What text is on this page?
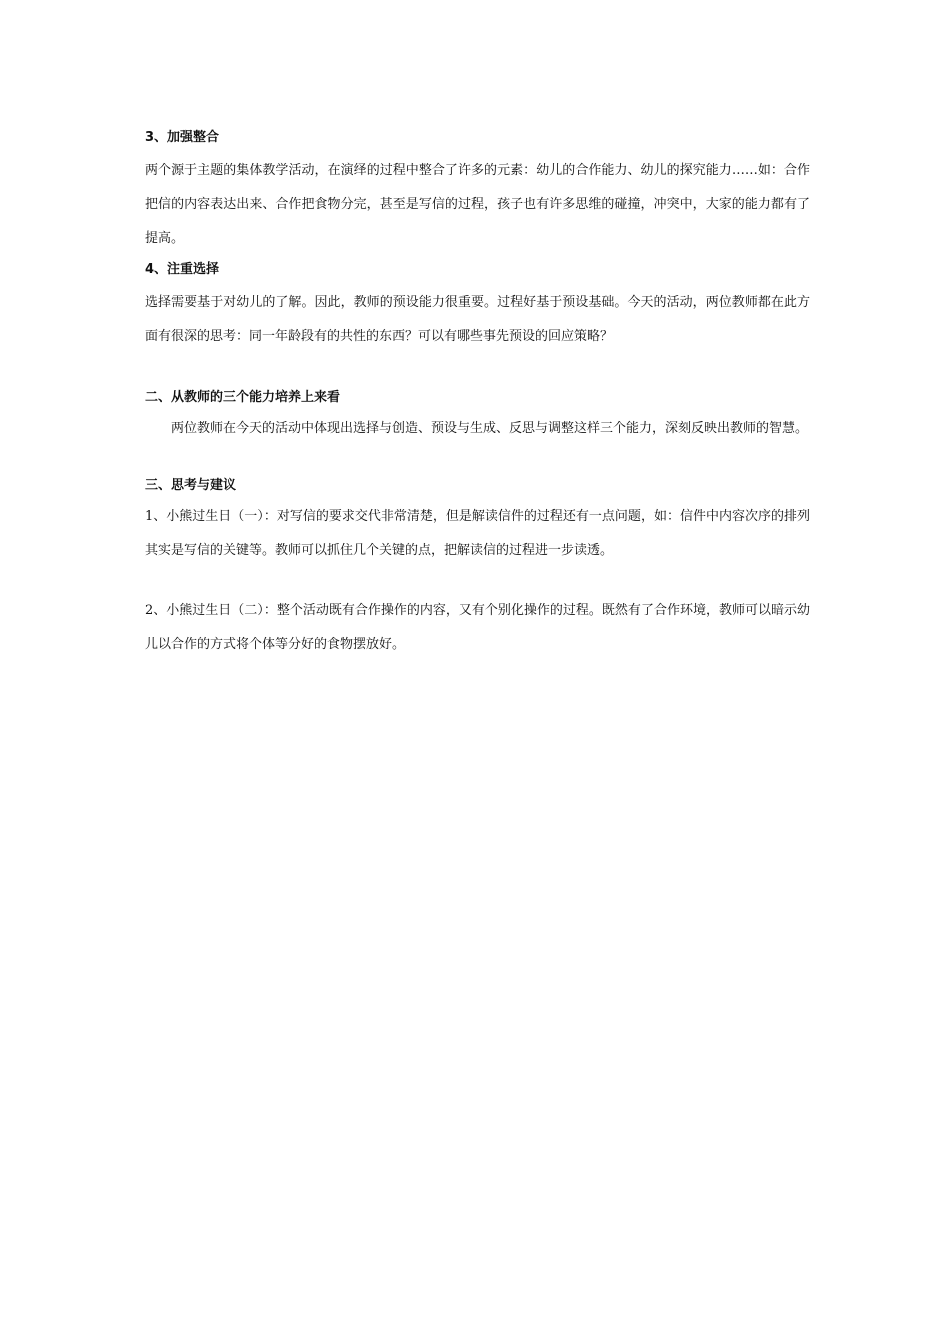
3、加强整合

两个源于主题的集体教学活动，在演绎的过程中整合了许多的元素：幼儿的合作能力、幼儿的探究能力……如：合作把信的内容表达出来、合作把食物分完，甚至是写信的过程，孩子也有许多思维的碰撞，冲突中，大家的能力都有了提高。

4、注重选择

选择需要基于对幼儿的了解。因此，教师的预设能力很重要。过程好基于预设基础。今天的活动，两位教师都在此方面有很深的思考：同一年龄段有的共性的东西？可以有哪些事先预设的回应策略？

二、从教师的三个能力培养上来看

两位教师在今天的活动中体现出选择与创造、预设与生成、反思与调整这样三个能力，深刻反映出教师的智慧。

三、思考与建议

1、小熊过生日（一）：对写信的要求交代非常清楚，但是解读信件的过程还有一点问题，如：信件中内容次序的排列其实是写信的关键等。教师可以抓住几个关键的点，把解读信的过程进一步读透。

2、小熊过生日（二）：整个活动既有合作操作的内容，又有个别化操作的过程。既然有了合作环境，教师可以暗示幼儿以合作的方式将个体等分好的食物摆放好。
